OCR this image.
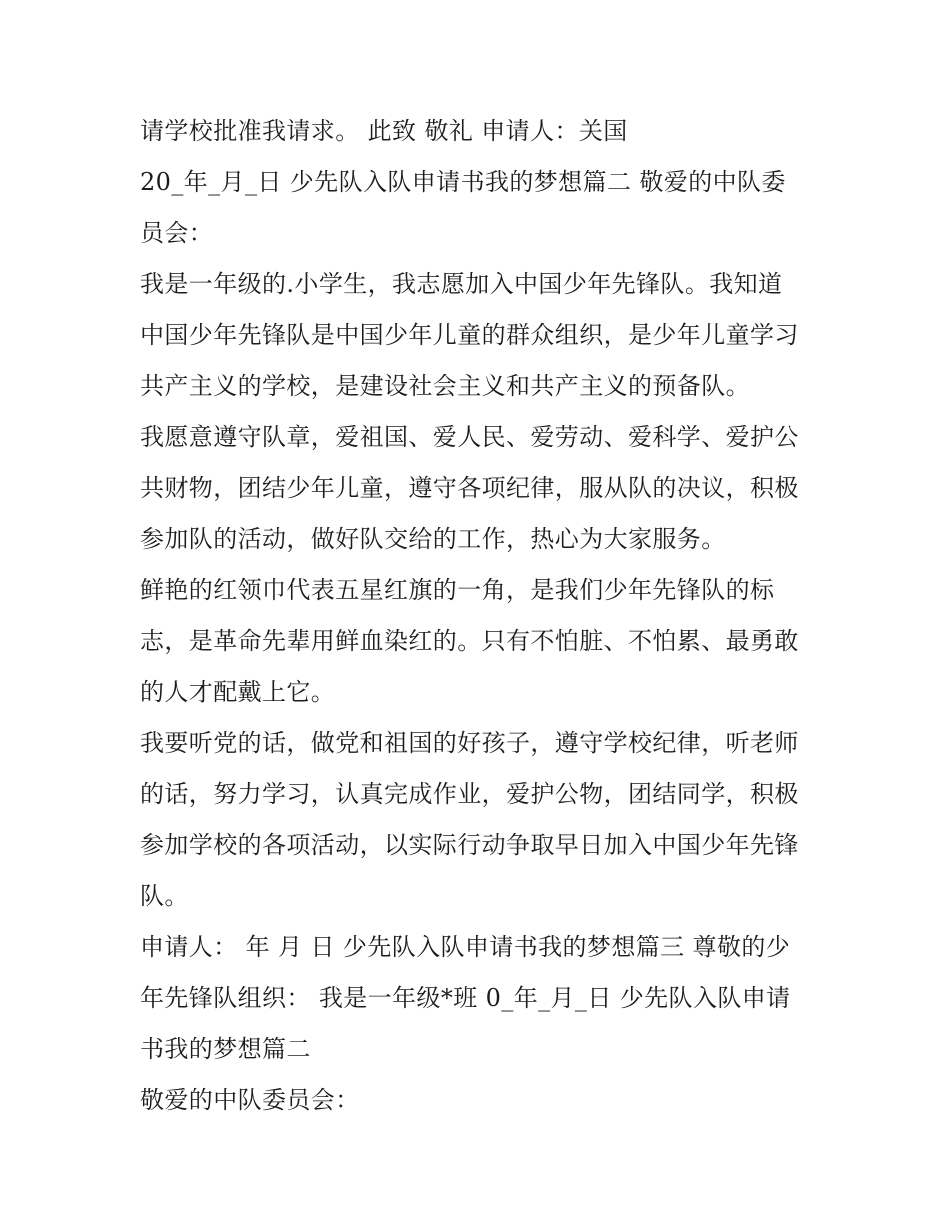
请学校批准我请求。 此致 敬礼 申请人：关国
20_年_月_日 少先队入队申请书我的梦想篇二 敬爱的中队委
员会：
我是一年级的.小学生，我志愿加入中国少年先锋队。我知道
中国少年先锋队是中国少年儿童的群众组织，是少年儿童学习
共产主义的学校，是建设社会主义和共产主义的预备队。
我愿意遵守队章，爱祖国、爱人民、爱劳动、爱科学、爱护公
共财物，团结少年儿童，遵守各项纪律，服从队的决议，积极
参加队的活动，做好队交给的工作，热心为大家服务。
鲜艳的红领巾代表五星红旗的一角，是我们少年先锋队的标
志，是革命先辈用鲜血染红的。只有不怕脏、不怕累、最勇敢
的人才配戴上它。
我要听党的话，做党和祖国的好孩子，遵守学校纪律，听老师
的话，努力学习，认真完成作业，爱护公物，团结同学，积极
参加学校的各项活动，以实际行动争取早日加入中国少年先锋
队。
申请人： 年 月 日 少先队入队申请书我的梦想篇三 尊敬的少
年先锋队组织： 我是一年级*班 0_年_月_日 少先队入队申请
书我的梦想篇二
敬爱的中队委员会：
